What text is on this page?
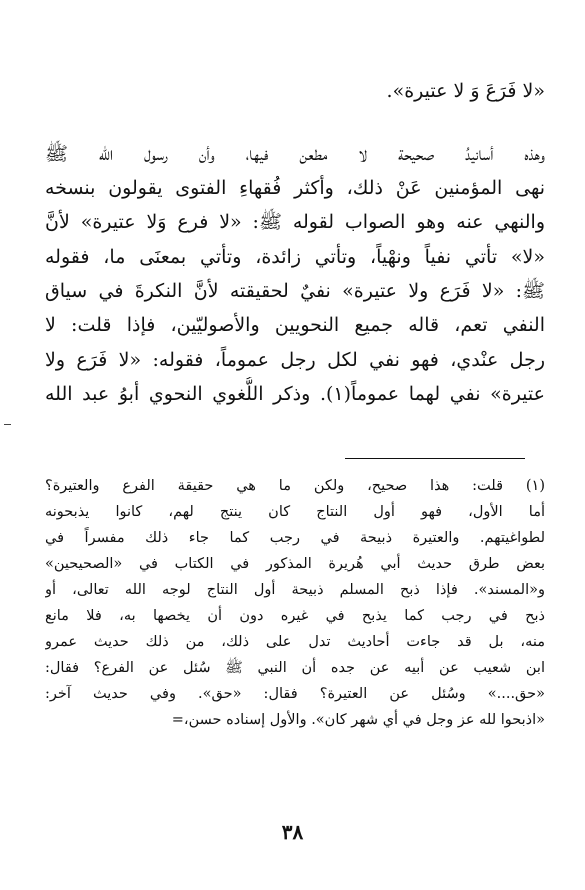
«لا فَرَعَ وَ لا عتيرة».
وهذه أسانيدُ صحيحة لا مطعن فيها، وأن رسول الله ﷺ
نهى المؤمنين عَنْ ذلك، وأكثر فُقهاءِ الفتوى يقولون بنسخه
والنهي عنه وهو الصواب لقوله ﷺ: «لا فرع وَلا عتيرة» لأنَّ
«لا» تأتي نفياً ونهْياً، وتأتي زائدة، وتأتي بمعنَى ما، فقوله
ﷺ: «لا فَرَع ولا عتيرة» نفيٌ لحقيقته لأنَّ النكرةَ في سياق
النفي تعم، قاله جميع النحويين والأصوليّين، فإذا قلت: لا
رجل عنْدي، فهو نفي لكل رجل عموماً، فقوله: «لا فَرَع ولا
عتيرة» نفي لهما عموماً(١). وذكر اللُّغوي النحوي أبوُ عبد الله
(١) قلت: هذا صحيح، ولكن ما هي حقيقة الفرع والعتيرة؟
أما الأول، فهو أول النتاج كان ينتج لهم، كانوا يذبحونه
لطواغيتهم. والعتيرة ذبيحة في رجب كما جاء ذلك مفسراً في
بعض طرق حديث أبي هُريرة المذكور في الكتاب في «الصحيحين»
و«المسند». فإذا ذبح المسلم ذبيحة أول النتاج لوجه الله تعالى، أو
ذبح في رجب كما يذبح في غيره دون أن يخصها به، فلا مانع
منه، بل قد جاءت أحاديث تدل على ذلك، من ذلك حديث عمرو
ابن شعيب عن أبيه عن جده أن النبي ﷺ سُئل عن الفرع؟ فقال:
«حق....» وسُئل عن العتيرة؟ فقال: «حق». وفي حديث آخر:
«اذبحوا لله عز وجل في أي شهر كان». والأول إسناده حسن،=
٣٨
